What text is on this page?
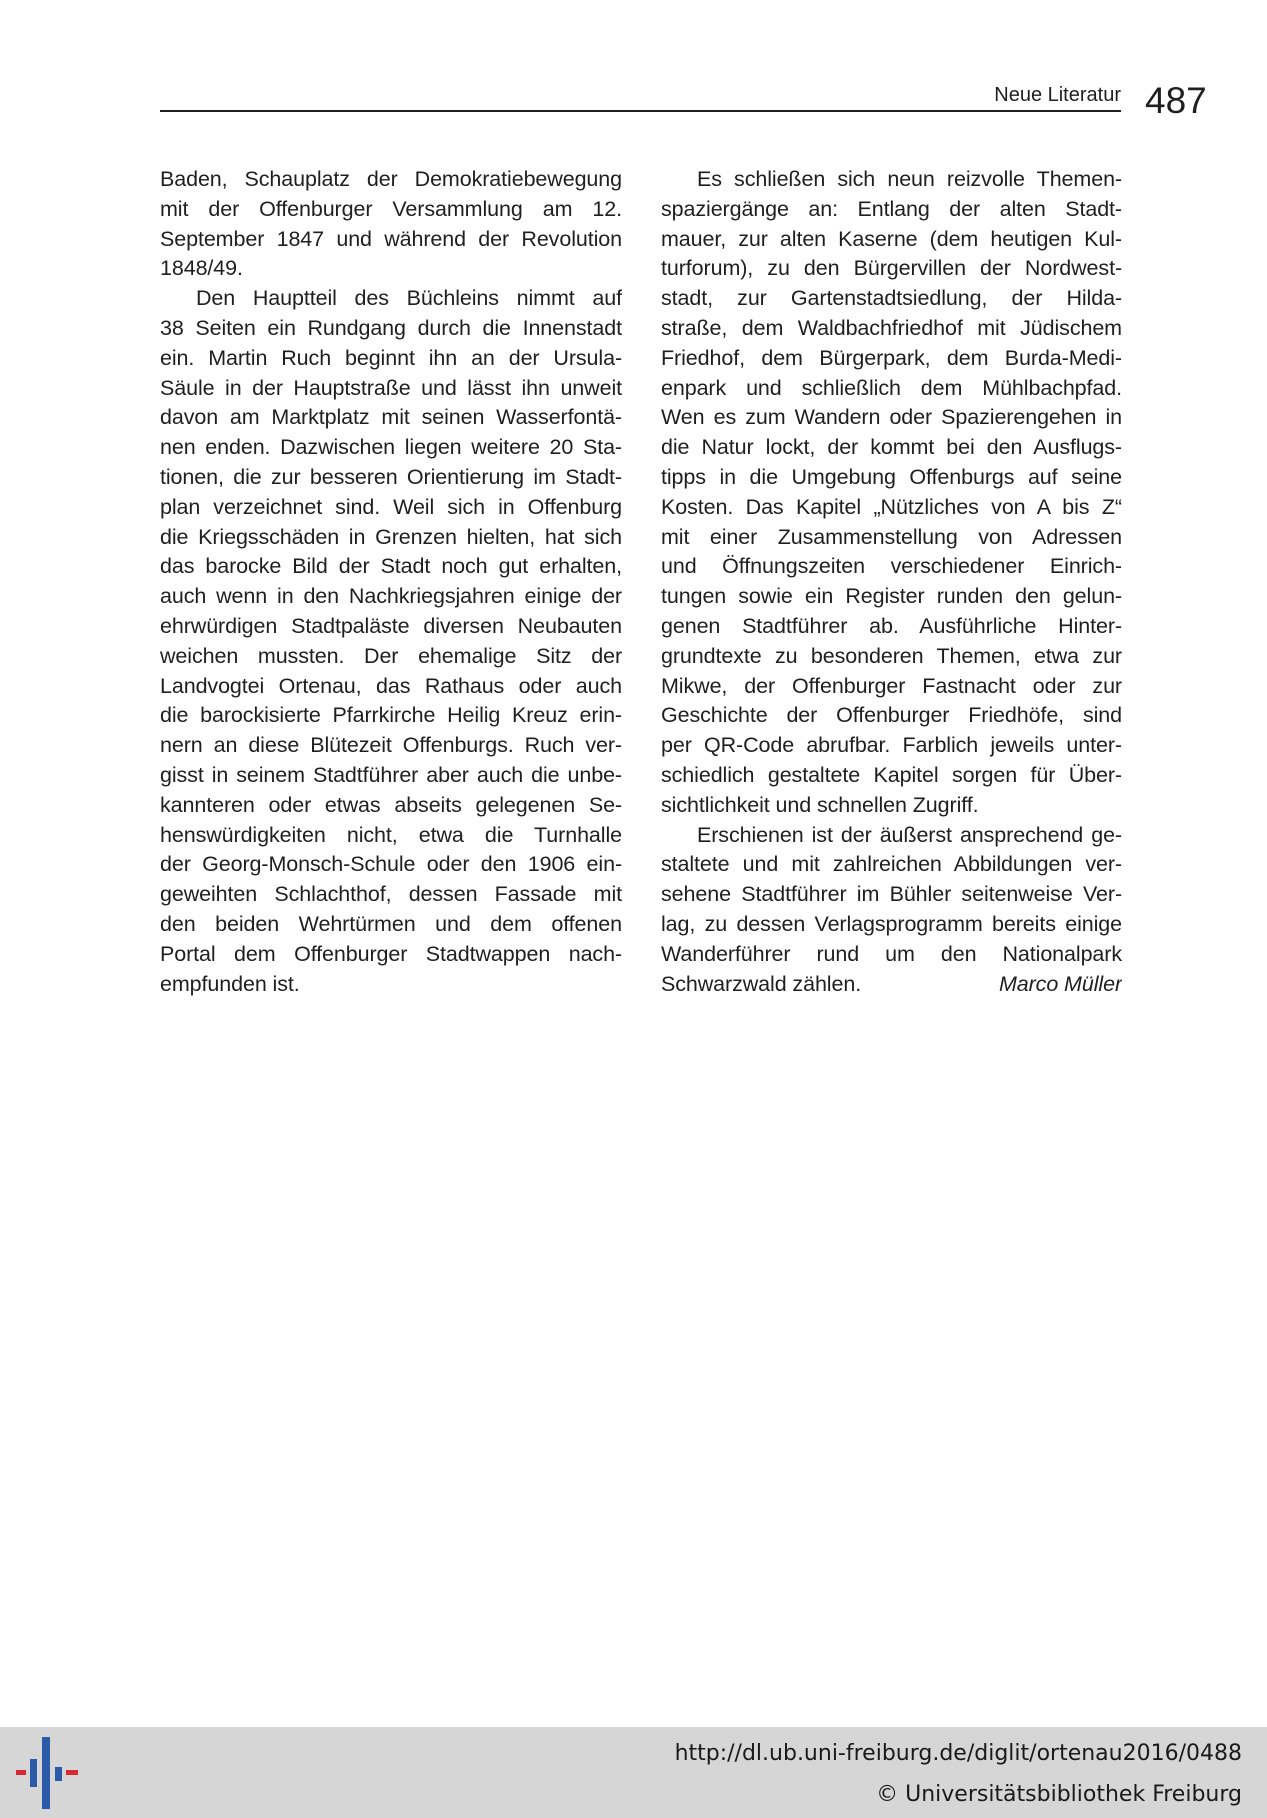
Neue Literatur 487
Baden, Schauplatz der Demokratiebewegung
mit der Offenburger Versammlung am 12.
September 1847 und während der Revolution
1848/49.
Den Hauptteil des Büchleins nimmt auf
38 Seiten ein Rundgang durch die Innenstadt
ein. Martin Ruch beginnt ihn an der Ursula-
Säule in der Hauptstraße und lässt ihn unweit
davon am Marktplatz mit seinen Wasserfontä-
nen enden. Dazwischen liegen weitere 20 Sta-
tionen, die zur besseren Orientierung im Stadt-
plan verzeichnet sind. Weil sich in Offenburg
die Kriegsschäden in Grenzen hielten, hat sich
das barocke Bild der Stadt noch gut erhalten,
auch wenn in den Nachkriegsjahren einige der
ehrwürdigen Stadtpaläste diversen Neubauten
weichen mussten. Der ehemalige Sitz der
Landvogtei Ortenau, das Rathaus oder auch
die barockisierte Pfarrkirche Heilig Kreuz erin-
nern an diese Blütezeit Offenburgs. Ruch ver-
gisst in seinem Stadtführer aber auch die unbe-
kannteren oder etwas abseits gelegenen Se-
henswürdigkeiten nicht, etwa die Turnhalle
der Georg-Monsch-Schule oder den 1906 ein-
geweihten Schlachthof, dessen Fassade mit
den beiden Wehrtürmen und dem offenen
Portal dem Offenburger Stadtwappen nach-
empfunden ist.
Es schließen sich neun reizvolle Themen-
spaziergänge an: Entlang der alten Stadt-
mauer, zur alten Kaserne (dem heutigen Kul-
turforum), zu den Bürgervillen der Nordwest-
stadt, zur Gartenstadtsiedlung, der Hilda-
straße, dem Waldbachfriedhof mit Jüdischem
Friedhof, dem Bürgerpark, dem Burda-Medi-
enpark und schließlich dem Mühlbachpfad.
Wen es zum Wandern oder Spazierengehen in
die Natur lockt, der kommt bei den Ausflugs-
tipps in die Umgebung Offenburgs auf seine
Kosten. Das Kapitel „Nützliches von A bis Z“
mit einer Zusammenstellung von Adressen
und Öffnungszeiten verschiedener Einrich-
tungen sowie ein Register runden den gelun-
genen Stadtführer ab. Ausführliche Hinter-
grundtexte zu besonderen Themen, etwa zur
Mikwe, der Offenburger Fastnacht oder zur
Geschichte der Offenburger Friedhöfe, sind
per QR-Code abrufbar. Farblich jeweils unter-
schiedlich gestaltete Kapitel sorgen für Über-
sichtlichkeit und schnellen Zugriff.
Erschienen ist der äußerst ansprechend ge-
staltete und mit zahlreichen Abbildungen ver-
sehene Stadtführer im Bühler seitenweise Ver-
lag, zu dessen Verlagsprogramm bereits einige
Wanderführer rund um den Nationalpark
Schwarzwald zählen.	Marco Müller
http://dl.ub.uni-freiburg.de/diglit/ortenau2016/0488
© Universitätsbibliothek Freiburg
